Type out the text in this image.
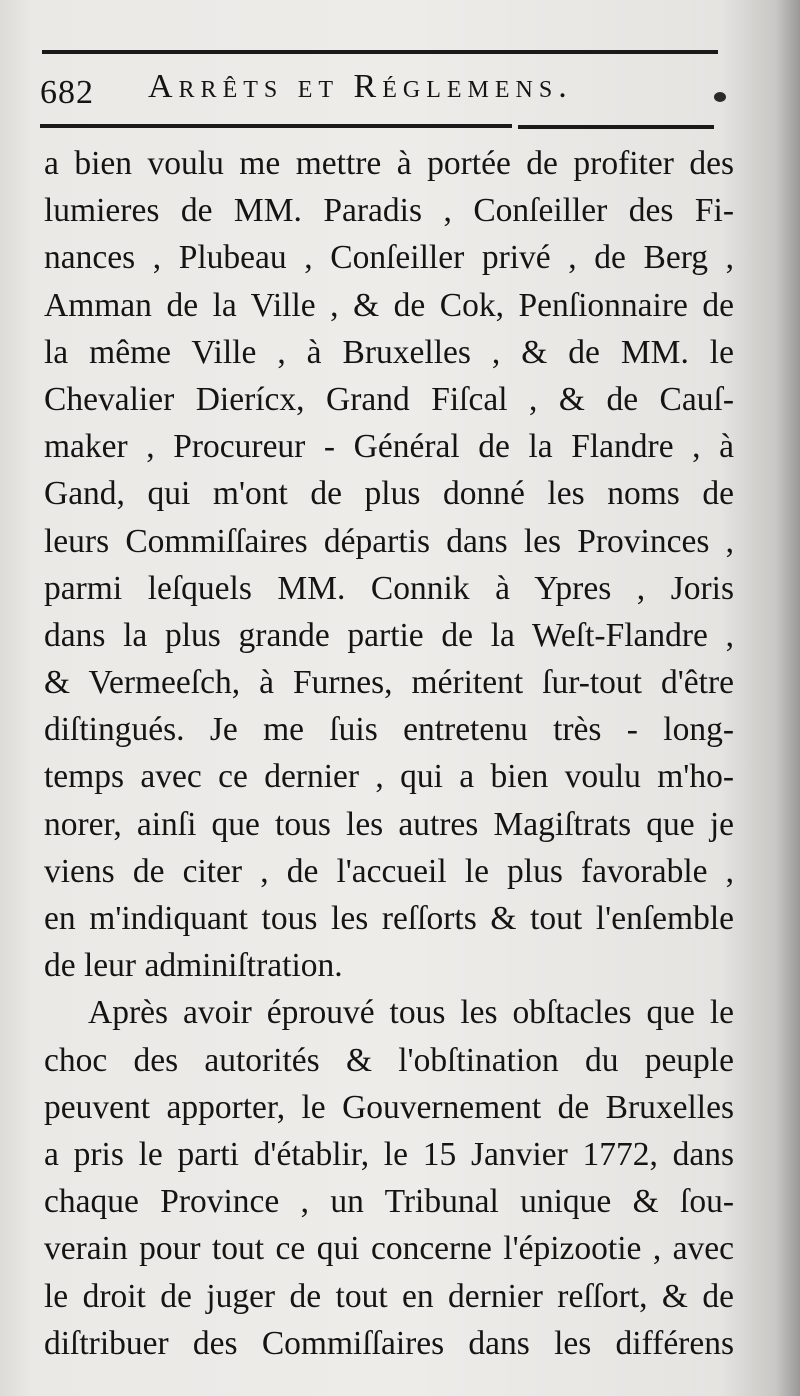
682 Arrêts et Réglemens.
a bien voulu me mettre à portée de profiter des
lumieres de MM. Paradis , Conſeiller des Fi-
nances , Plubeau , Conſeiller privé , de Berg ,
Amman de la Ville , & de Cok, Penſionnaire de
la même Ville , à Bruxelles , & de MM. le
Chevalier Dierícx, Grand Fiſcal , & de Cauſ-
maker , Procureur - Général de la Flandre , à
Gand, qui m'ont de plus donné les noms de
leurs Commiſſaires départis dans les Provinces ,
parmi leſquels MM. Connik à Ypres , Joris
dans la plus grande partie de la Weſt-Flandre ,
& Vermeeſch, à Furnes, méritent ſur-tout d'être
diſtingués. Je me ſuis entretenu très - long-
temps avec ce dernier , qui a bien voulu m'ho-
norer, ainſi que tous les autres Magiſtrats que je
viens de citer , de l'accueil le plus favorable ,
en m'indiquant tous les reſſorts & tout l'enſemble
de leur adminiſtration.
Après avoir éprouvé tous les obſtacles que le
choc des autorités & l'obſtination du peuple
peuvent apporter, le Gouvernement de Bruxelles
a pris le parti d'établir, le 15 Janvier 1772, dans
chaque Province , un Tribunal unique & ſou-
verain pour tout ce qui concerne l'épizootie , avec
le droit de juger de tout en dernier reſſort, & de
diſtribuer des Commiſſaires dans les différens
